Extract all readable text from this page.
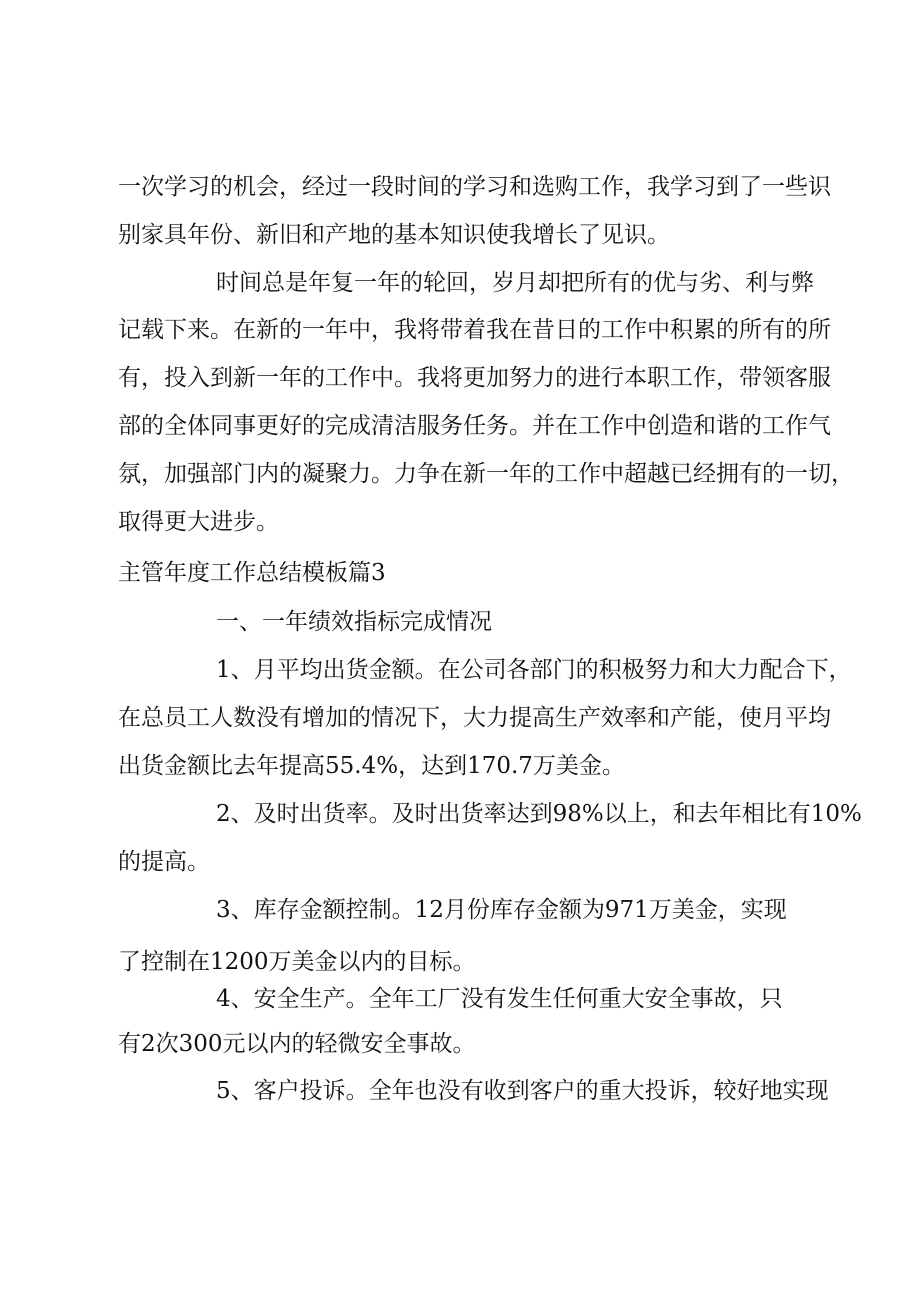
一次学习的机会，经过一段时间的学习和选购工作，我学习到了一些识
别家具年份、新旧和产地的基本知识使我增长了见识。
时间总是年复一年的轮回，岁月却把所有的优与劣、利与弊
记载下来。在新的一年中，我将带着我在昔日的工作中积累的所有的所
有，投入到新一年的工作中。我将更加努力的进行本职工作，带领客服
部的全体同事更好的完成清洁服务任务。并在工作中创造和谐的工作气
氛，加强部门内的凝聚力。力争在新一年的工作中超越已经拥有的一切，
取得更大进步。
主管年度工作总结模板篇3
一、一年绩效指标完成情况
1、月平均出货金额。在公司各部门的积极努力和大力配合下，
在总员工人数没有增加的情况下，大力提高生产效率和产能，使月平均
出货金额比去年提高55.4%，达到170.7万美金。
2、及时出货率。及时出货率达到98%以上，和去年相比有10%
的提高。
3、库存金额控制。12月份库存金额为971万美金，实现
了控制在1200万美金以内的目标。
4、安全生产。全年工厂没有发生任何重大安全事故，只
有2次300元以内的轻微安全事故。
5、客户投诉。全年也没有收到客户的重大投诉，较好地实现
